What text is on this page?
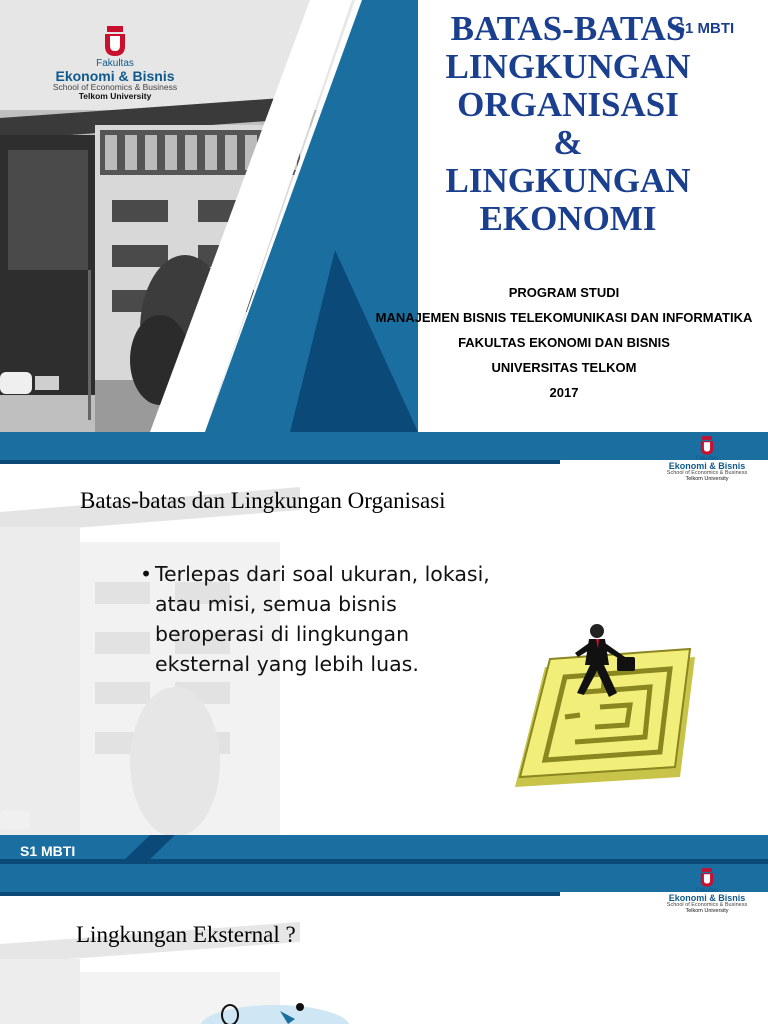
Fakultas
Ekonomi & Bisnis
School of Economics & Business
Telkom University
S1 MBTI
BATAS-BATAS
LINGKUNGAN
ORGANISASI
&
LINGKUNGAN
EKONOMI
PROGRAM STUDI
MANAJEMEN BISNIS TELEKOMUNIKASI DAN INFORMATIKA
FAKULTAS EKONOMI DAN BISNIS
UNIVERSITAS TELKOM
2017
Fakultas
Ekonomi & Bisnis
School of Economics & Business
Telkom University
Batas-batas dan Lingkungan Organisasi
• Terlepas dari soal ukuran, lokasi,
atau misi, semua bisnis
beroperasi di lingkungan
eksternal yang lebih luas.
S1 MBTI
Fakultas
Ekonomi & Bisnis
School of Economics & Business
Telkom University
Lingkungan Eksternal ?
